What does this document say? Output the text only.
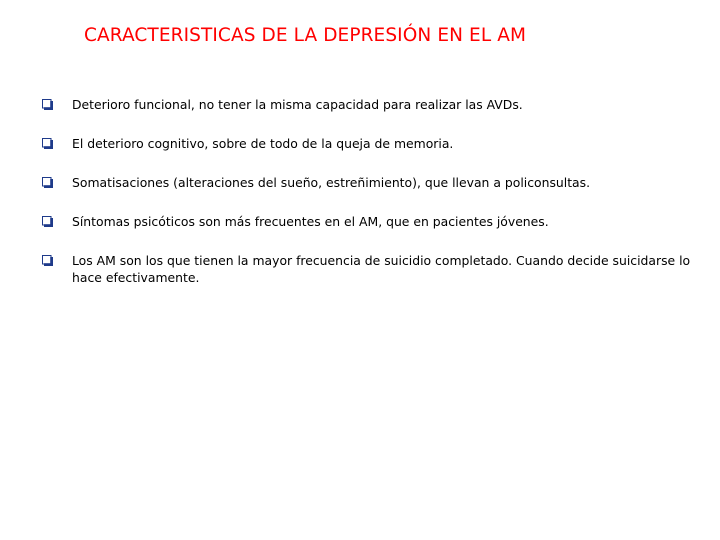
CARACTERISTICAS DE LA DEPRESIÓN EN EL AM
Deterioro funcional, no tener la misma capacidad para realizar las AVDs.
El deterioro cognitivo, sobre de todo de la queja de memoria.
Somatisaciones (alteraciones del sueño, estreñimiento), que llevan a policonsultas.
Síntomas psicóticos son más frecuentes en el AM, que en pacientes jóvenes.
Los AM son los que tienen la mayor frecuencia de suicidio completado. Cuando decide suicidarse lo hace efectivamente.
